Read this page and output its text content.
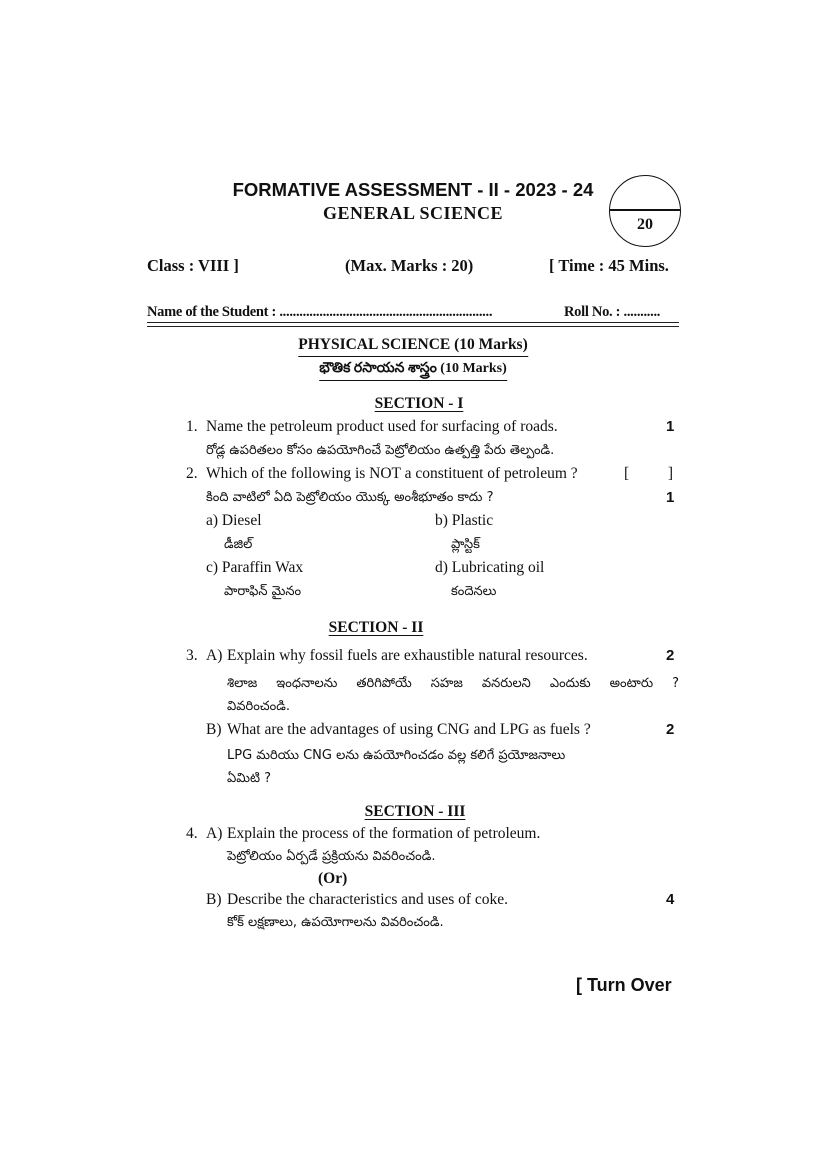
FORMATIVE ASSESSMENT - II - 2023 - 24
GENERAL SCIENCE
20
Class : VIII ]	(Max. Marks : 20)	[ Time : 45 Mins.
Name of the Student : ................................................................	Roll No. : ...........
PHYSICAL SCIENCE (10 Marks)
భౌతిక రసాయన శాస్త్రం (10 Marks)
SECTION - I
1. Name the petroleum product used for surfacing of roads.	1
రోడ్ల ఉపరితలం కోసం ఉపయోగించే పెట్రోలియం ఉత్పత్తి పేరు తెల్పండి.
2. Which of the following is NOT a constituent of petroleum ?	[          ]
కింది వాటిలో ఏది పెట్రోలియం యొక్క అంశీభూతం కాదు ?	1
a) Diesel
డీజిల్
b) Plastic
ప్లాస్టిక్
c) Paraffin Wax
పారాఫిన్ మైనం
d) Lubricating oil
కందెనలు
SECTION - II
3. A) Explain why fossil fuels are exhaustible natural resources.	2
శిలాజ ఇంధనాలను తరిగిపోయే సహజ వనరులని ఎందుకు అంటారు ?
వివరించండి.
B) What are the advantages of using CNG and LPG as fuels ?	2
LPG మరియు CNG లను ఉపయోగించడం వల్ల కలిగే ప్రయోజనాలు
ఏమిటి ?
SECTION - III
4. A) Explain the process of the formation of petroleum.
పెట్రోలియం ఏర్పడే ప్రక్రియను వివరించండి.
(Or)
B) Describe the characteristics and uses of coke.	4
కోక్ లక్షణాలు, ఉపయోగాలను వివరించండి.
[ Turn Over
